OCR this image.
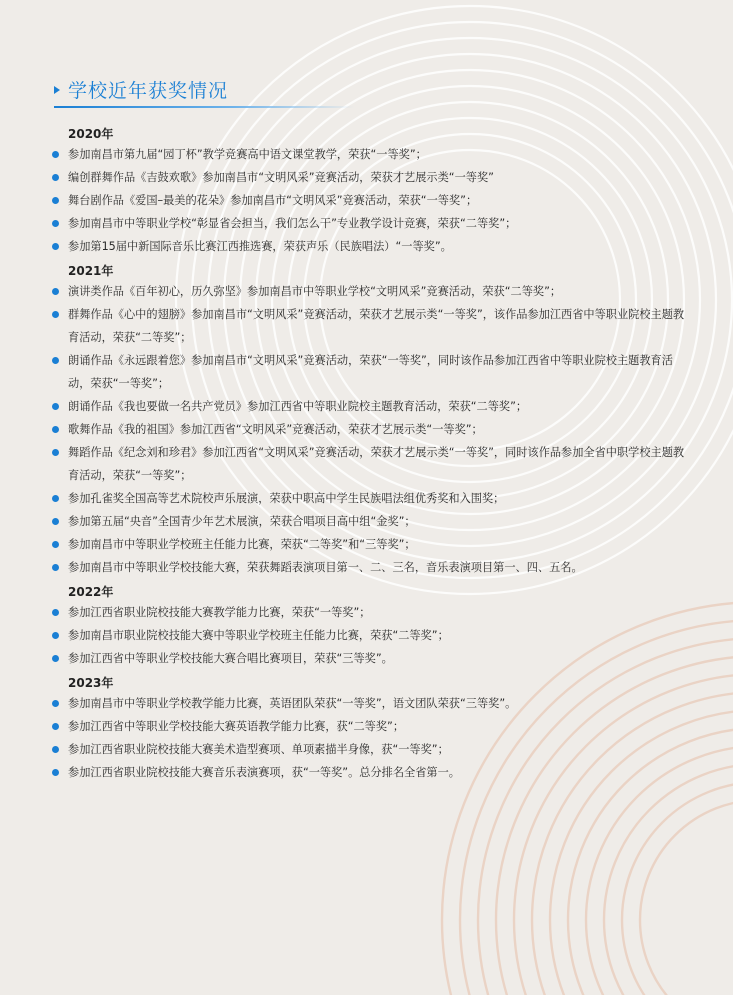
学校近年获奖情况
2020年
参加南昌市第九届“园丁杯”教学竞赛高中语文课堂教学，荣获“一等奖”；
编创群舞作品《吉鼓欢歌》参加南昌市“文明风采”竞赛活动，荣获才艺展示类“一等奖”
舞台剧作品《爱国–最美的花朵》参加南昌市“文明风采”竞赛活动，荣获“一等奖”；
参加南昌市中等职业学校“彰显省会担当，我们怎么干”专业教学设计竞赛，荣获“二等奖”；
参加第15届中新国际音乐比赛江西推选赛，荣获声乐（民族唱法）“一等奖”。
2021年
演讲类作品《百年初心，历久弥坚》参加南昌市中等职业学校“文明风采”竞赛活动，荣获“二等奖”；
群舞作品《心中的翅膀》参加南昌市“文明风采”竞赛活动，荣获才艺展示类“一等奖”，该作品参加江西省中等职业院校主题教育活动，荣获“二等奖”；
朗诵作品《永远跟着您》参加南昌市“文明风采”竞赛活动，荣获“一等奖”，同时该作品参加江西省中等职业院校主题教育活动，荣获“一等奖”；
朗诵作品《我也要做一名共产党员》参加江西省中等职业院校主题教育活动，荣获“二等奖”；
歌舞作品《我的祖国》参加江西省“文明风采”竞赛活动，荣获才艺展示类“一等奖”；
舞蹈作品《纪念刘和珍君》参加江西省“文明风采”竞赛活动，荣获才艺展示类“一等奖”，同时该作品参加全省中职学校主题教育活动，荣获“一等奖”；
参加孔雀奖全国高等艺术院校声乐展演，荣获中职高中学生民族唱法组优秀奖和入围奖；
参加第五届“央音”全国青少年艺术展演，荣获合唱项目高中组“金奖”；
参加南昌市中等职业学校班主任能力比赛，荣获“二等奖”和“三等奖”；
参加南昌市中等职业学校技能大赛，荣获舞蹈表演项目第一、二、三名，音乐表演项目第一、四、五名。
2022年
参加江西省职业院校技能大赛教学能力比赛，荣获“一等奖”；
参加南昌市职业院校技能大赛中等职业学校班主任能力比赛，荣获“二等奖”；
参加江西省中等职业学校技能大赛合唱比赛项目，荣获“三等奖”。
2023年
参加南昌市中等职业学校教学能力比赛，英语团队荣获“一等奖”，语文团队荣获“三等奖”。
参加江西省中等职业学校技能大赛英语教学能力比赛，获“二等奖”；
参加江西省职业院校技能大赛美术造型赛项、单项素描半身像，获“一等奖”；
参加江西省职业院校技能大赛音乐表演赛项，获“一等奖”。总分排名全省第一。
